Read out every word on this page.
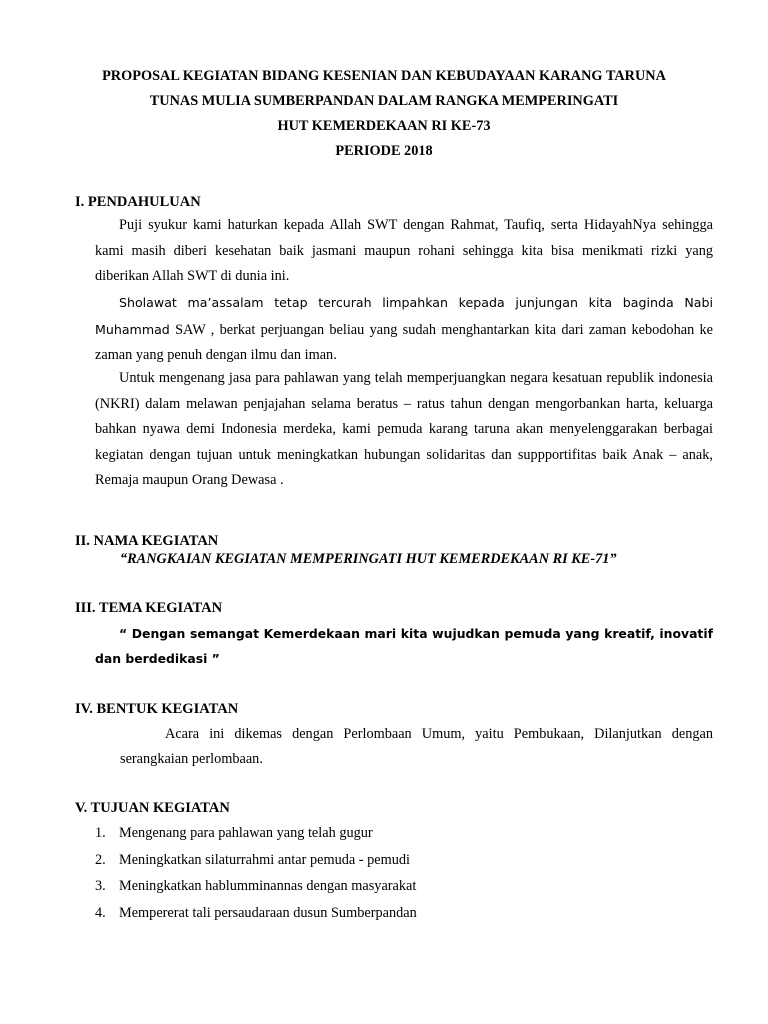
PROPOSAL KEGIATAN BIDANG KESENIAN DAN KEBUDAYAAN KARANG TARUNA
TUNAS MULIA SUMBERPANDAN DALAM RANGKA MEMPERINGATI
HUT KEMERDEKAAN RI KE-73
PERIODE 2018
I. PENDAHULUAN
Puji syukur kami haturkan kepada Allah SWT dengan Rahmat, Taufiq, serta HidayahNya sehingga kami masih diberi kesehatan baik jasmani maupun rohani sehingga kita bisa menikmati rizki yang diberikan Allah SWT di dunia ini.
Sholawat ma’assalam tetap tercurah limpahkan kepada junjungan kita baginda Nabi Muhammad SAW , berkat perjuangan beliau yang sudah menghantarkan kita dari zaman kebodohan ke zaman yang penuh dengan ilmu dan iman.
Untuk mengenang jasa para pahlawan yang telah memperjuangkan negara kesatuan republik indonesia (NKRI) dalam melawan penjajahan selama beratus – ratus tahun dengan mengorbankan harta, keluarga bahkan nyawa demi Indonesia merdeka, kami pemuda karang taruna akan menyelenggarakan berbagai kegiatan dengan tujuan untuk meningkatkan hubungan solidaritas dan suppportifitas baik Anak – anak, Remaja maupun Orang Dewasa .
II. NAMA KEGIATAN
“RANGKAIAN KEGIATAN MEMPERINGATI HUT KEMERDEKAAN RI KE-71”
III. TEMA KEGIATAN
“ Dengan semangat Kemerdekaan mari kita wujudkan pemuda yang kreatif, inovatif dan berdedikasi ”
IV. BENTUK KEGIATAN
Acara ini dikemas dengan Perlombaan Umum, yaitu Pembukaan, Dilanjutkan dengan serangkaian perlombaan.
V. TUJUAN KEGIATAN
1. Mengenang para pahlawan yang telah gugur
2. Meningkatkan silaturrahmi antar pemuda - pemudi
3. Meningkatkan hablumminannas dengan masyarakat
4. Mempererat tali persaudaraan dusun Sumberpandan
